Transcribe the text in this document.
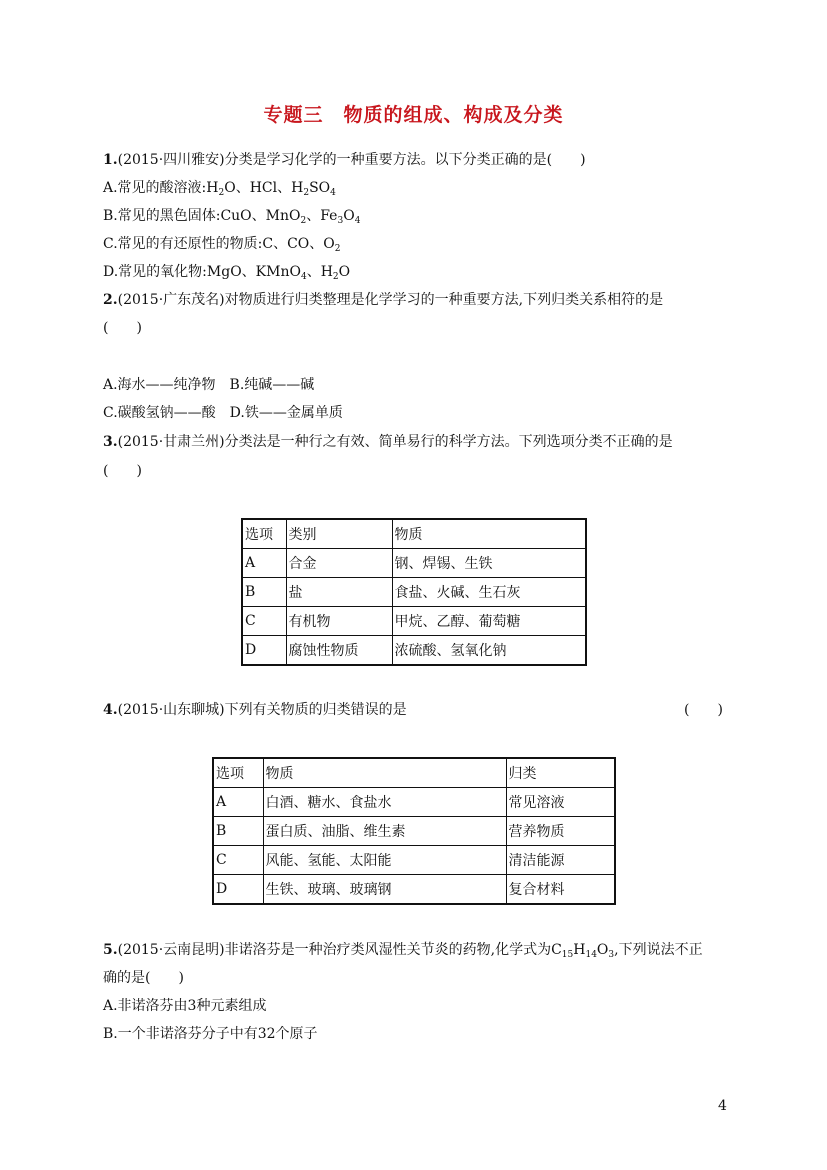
专题三　物质的组成、构成及分类
1.(2015·四川雅安)分类是学习化学的一种重要方法。以下分类正确的是(　　)
A.常见的酸溶液$:H_2O$、HCl、$H_2SO_4$
B.常见的黑色固体:CuO、MnO$_2$、$Fe_3O_4$
C.常见的有还原性的物质:C、CO、$O_2$
D.常见的氧化物:MgO、KMnO$_4$、$H_2O$
2.(2015·广东茂名)对物质进行归类整理是化学学习的一种重要方法,下列归类关系相符的是
(　　)
A.海水——纯净物　B.纯碱——碱
C.碳酸氢钠——酸　D.铁——金属单质
3.(2015·甘肃兰州)分类法是一种行之有效、简单易行的科学方法。下列选项分类不正确的是
(　　)
选项	类别	物质
A	合金	钢、焊锡、生铁
B	盐	食盐、火碱、生石灰
C	有机物	甲烷、乙醇、葡萄糖
D	腐蚀性物质	浓硫酸、氢氧化钠
4.(2015·山东聊城)下列有关物质的归类错误的是	(　　)
选项	物质	归类
A	白酒、糖水、食盐水	常见溶液
B	蛋白质、油脂、维生素	营养物质
C	风能、氢能、太阳能	清洁能源
D	生铁、玻璃、玻璃钢	复合材料
5.(2015·云南昆明)非诺洛芬是一种治疗类风湿性关节炎的药物,化学式为$C_{15}H_{14}O_3$,下列说法不正
确的是(　　)
A.非诺洛芬由3种元素组成
B.一个非诺洛芬分子中有32个原子
4
